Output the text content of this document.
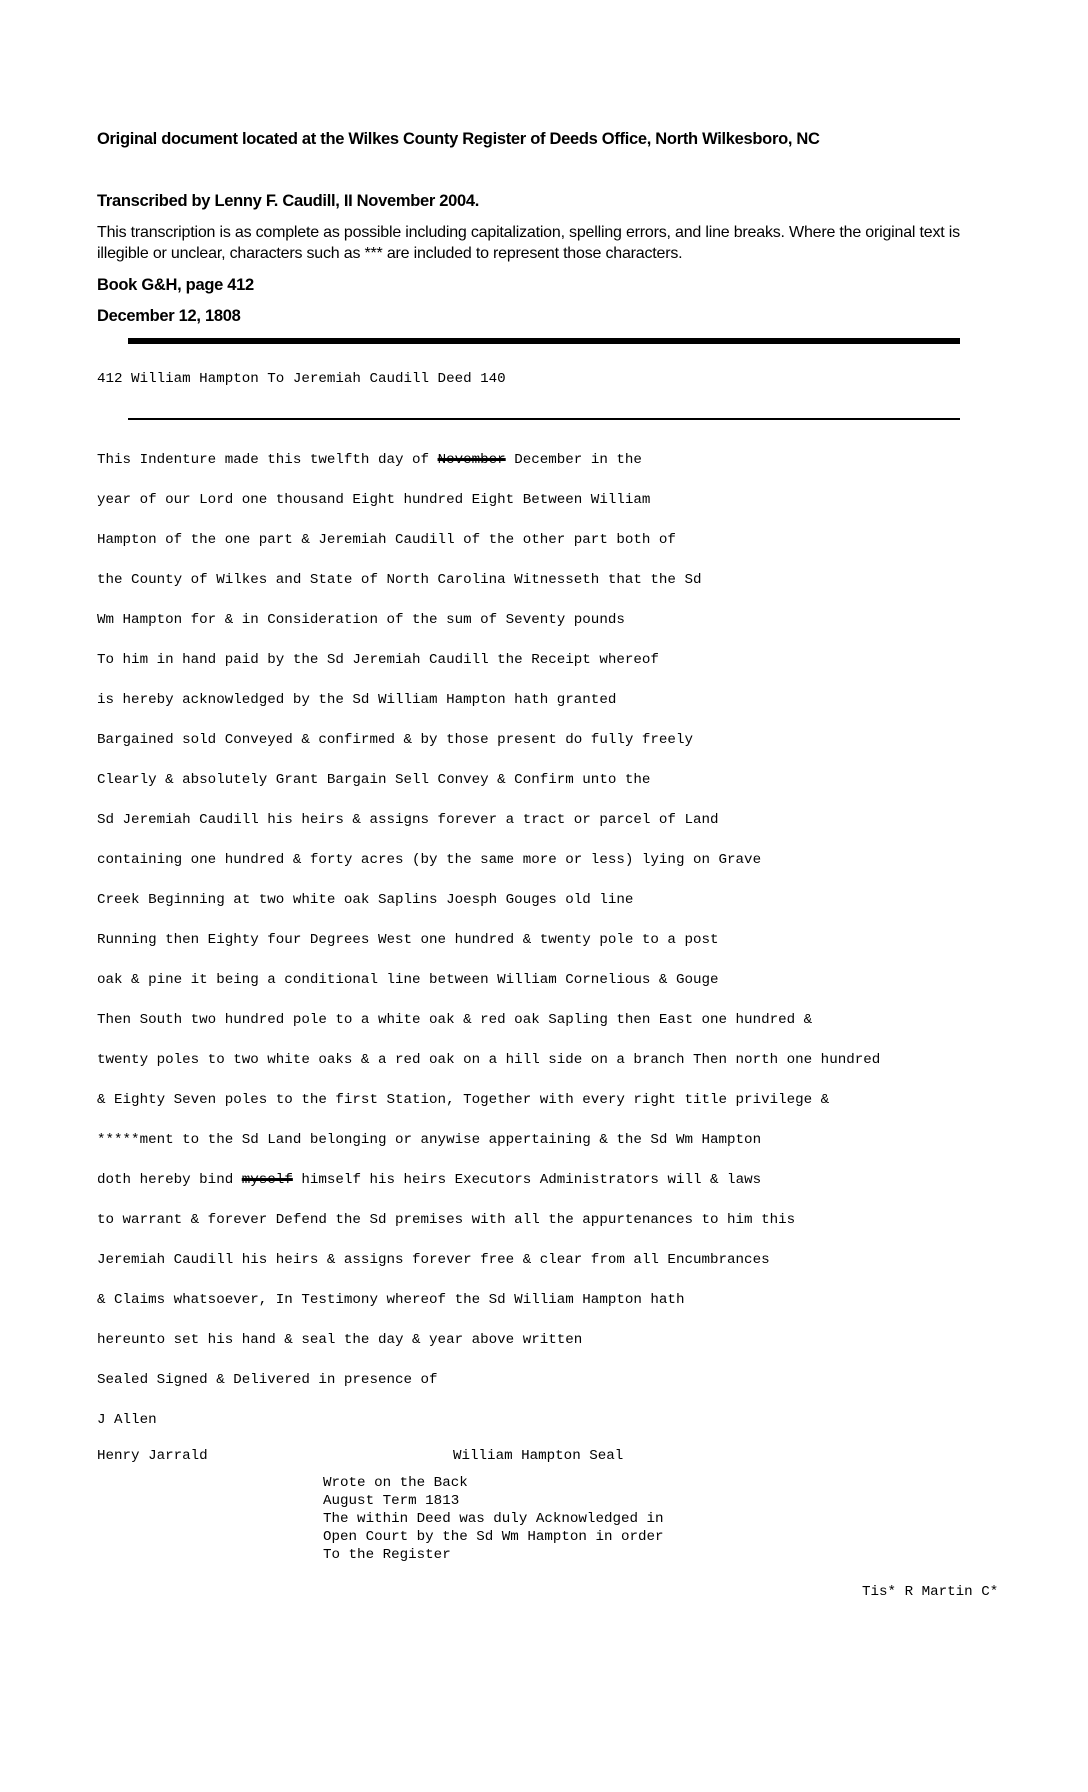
Original document located at the Wilkes County Register of Deeds Office, North Wilkesboro, NC
Transcribed by Lenny F. Caudill, II November 2004.
This transcription is as complete as possible including capitalization, spelling errors, and line breaks. Where the original text is illegible or unclear, characters such as *** are included to represent those characters.
Book G&H, page 412
December 12, 1808
412 William Hampton To Jeremiah Caudill Deed 140
This Indenture made this twelfth day of November December in the
year of our Lord one thousand Eight hundred Eight Between William
Hampton of the one part & Jeremiah Caudill of the other part both of
the County of Wilkes and State of North Carolina Witnesseth that the Sd
Wm Hampton for & in Consideration of the sum of Seventy pounds
To him in hand paid by the Sd Jeremiah Caudill the Receipt whereof
is hereby acknowledged by the Sd William Hampton hath granted
Bargained sold Conveyed & confirmed & by those present do fully freely
Clearly & absolutely Grant Bargain Sell Convey & Confirm unto the
Sd Jeremiah Caudill his heirs & assigns forever a tract or parcel of Land
containing one hundred & forty acres (by the same more or less) lying on Grave
Creek Beginning at two white oak Saplins Joesph Gouges old line
Running then Eighty four Degrees West one hundred & twenty pole to a post
oak & pine it being a conditional line between William Cornelious & Gouge
Then South two hundred pole to a white oak & red oak Sapling then East one hundred &
twenty poles to two white oaks & a red oak on a hill side on a branch Then north one hundred
& Eighty Seven poles to the first Station, Together with every right title privilege &
*****ment to the Sd Land belonging or anywise appertaining & the Sd Wm Hampton
doth hereby bind myself himself his heirs Executors Administrators will & laws
to warrant & forever Defend the Sd premises with all the appurtenances to him this
Jeremiah Caudill his heirs & assigns forever free & clear from all Encumbrances
& Claims whatsoever, In Testimony whereof the Sd William Hampton hath
hereunto set his hand & seal the day & year above written
Sealed Signed & Delivered in presence of
J Allen
Henry Jarrald	William Hampton Seal
Wrote on the Back
August Term 1813
The within Deed was duly Acknowledged in
Open Court by the Sd Wm Hampton in order
To the Register
Tis* R Martin C*
